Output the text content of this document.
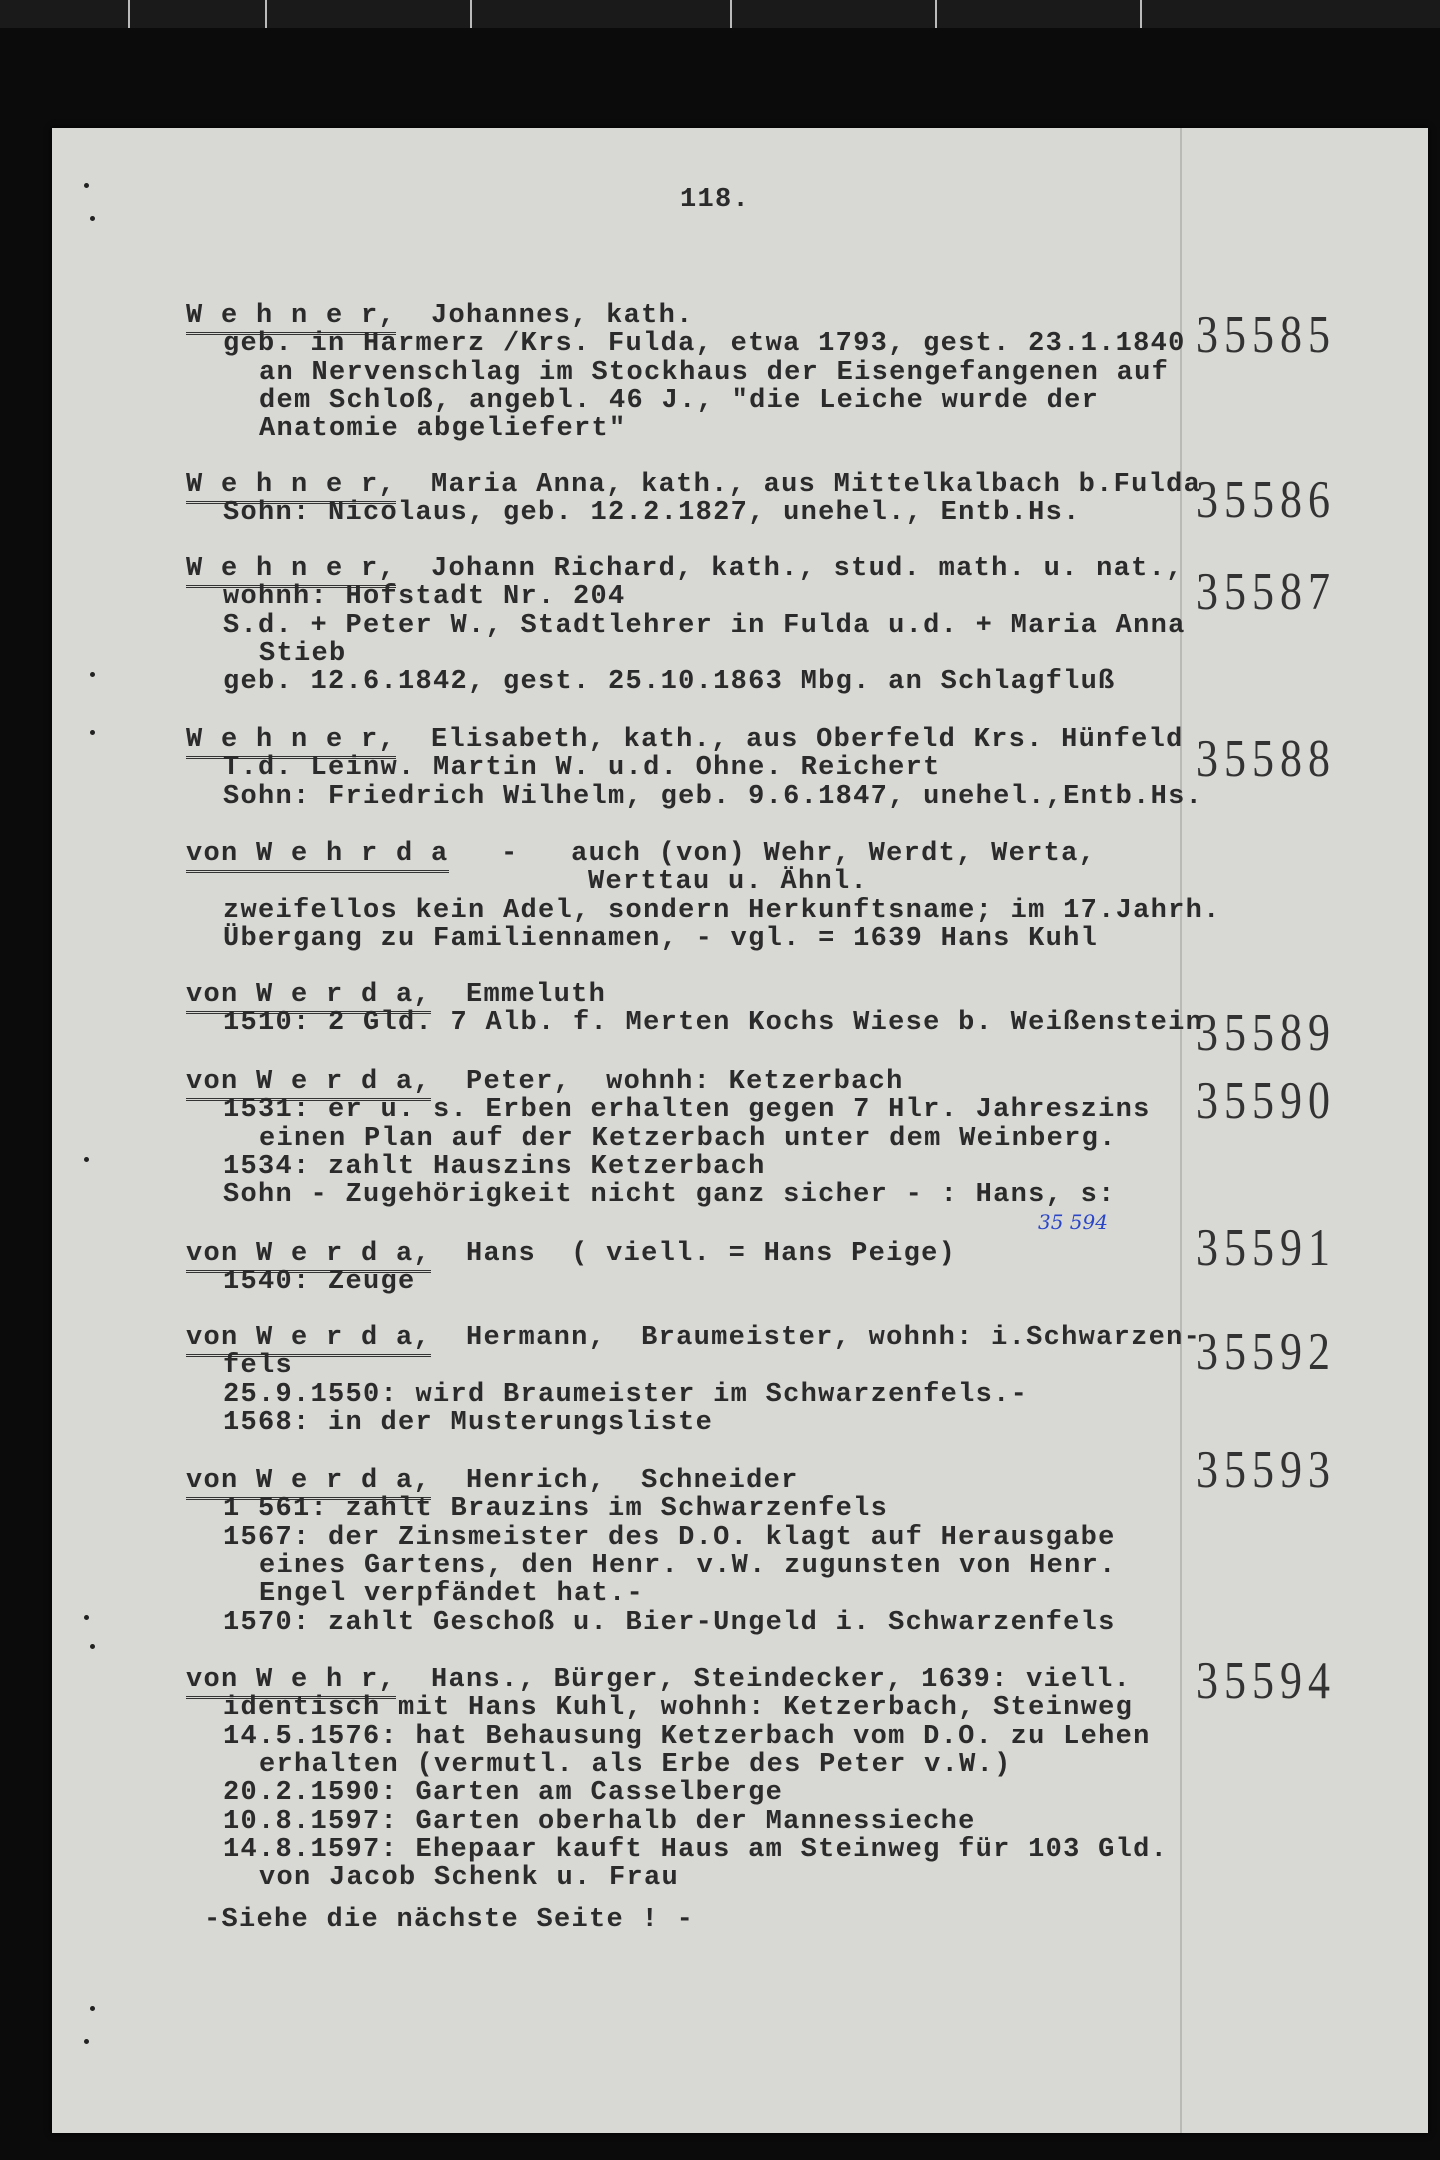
118.
W e h n e r,  Johannes, kath.
geb. in Harmerz /Krs. Fulda, etwa 1793, gest. 23.1.1840
an Nervenschlag im Stockhaus der Eisengefangenen auf
dem Schloß, angebl. 46 J., "die Leiche wurde der
Anatomie abgeliefert"
35585
W e h n e r,  Maria Anna, kath., aus Mittelkalbach b.Fulda
Sohn: Nicolaus, geb. 12.2.1827, unehel., Entb.Hs.	35586
W e h n e r,  Johann Richard, kath., stud. math. u. nat.,
wohnh: Hofstadt Nr. 204
S.d. + Peter W., Stadtlehrer in Fulda u.d. + Maria Anna
Stieb
geb. 12.6.1842, gest. 25.10.1863 Mbg. an Schlagfluß
35587
W e h n e r,  Elisabeth, kath., aus Oberfeld Krs. Hünfeld
T.d. Leinw. Martin W. u.d. Ohne. Reichert
Sohn: Friedrich Wilhelm, geb. 9.6.1847, unehel.,Entb.Hs.
35588
von W e h r d a   -   auch (von) Wehr, Werdt, Werta,
Werttau u. Ähnl.
zweifellos kein Adel, sondern Herkunftsname; im 17.Jahrh.
Übergang zu Familiennamen, - vgl. = 1639 Hans Kuhl
von W e r d a,  Emmeluth
1510: 2 Gld. 7 Alb. f. Merten Kochs Wiese b. Weißenstein
35589
von W e r d a,  Peter,  wohnh: Ketzerbach
1531: er u. s. Erben erhalten gegen 7 Hlr. Jahreszins
einen Plan auf der Ketzerbach unter dem Weinberg.
1534: zahlt Hauszins Ketzerbach
Sohn - Zugehörigkeit nicht ganz sicher - : Hans, s:
35590
von W e r d a,  Hans  ( viell. = Hans Peige)
1540: Zeuge
35591
von W e r d a,  Hermann,  Braumeister, wohnh: i.Schwarzen-
fels
25.9.1550: wird Braumeister im Schwarzenfels.-
1568: in der Musterungsliste
35592
von W e r d a,  Henrich,  Schneider
1 561: zahlt Brauzins im Schwarzenfels
1567: der Zinsmeister des D.O. klagt auf Herausgabe
eines Gartens, den Henr. v.W. zugunsten von Henr.
Engel verpfändet hat.-
1570: zahlt Geschoß u. Bier-Ungeld i. Schwarzenfels
35593
von W e h r,  Hans., Bürger, Steindecker, 1639: viell.
identisch mit Hans Kuhl, wohnh: Ketzerbach, Steinweg
14.5.1576: hat Behausung Ketzerbach vom D.O. zu Lehen
erhalten (vermutl. als Erbe des Peter v.W.)
20.2.1590: Garten am Casselberge
10.8.1597: Garten oberhalb der Mannessieche
14.8.1597: Ehepaar kauft Haus am Steinweg für 103 Gld.
von Jacob Schenk u. Frau
35594
35 594
-Siehe die nächste Seite ! -
